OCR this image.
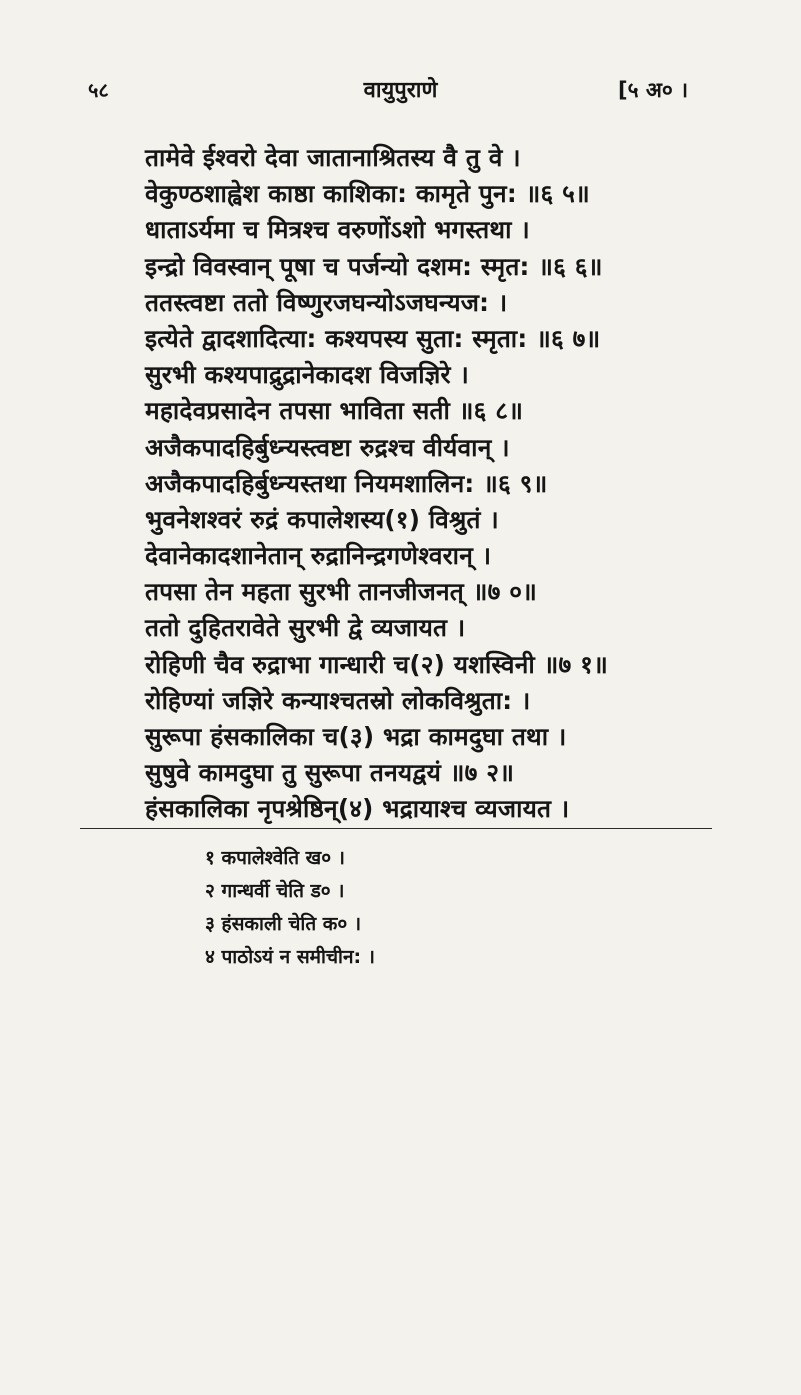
५८	वायुपुराणे	[५ अ० ।
तामेवे ईश्वरो देवा जातानाश्रितस्य वै तु वे ।
वेकुण्ठशाह्वेश काष्ठा काशिका: कामृते पुन: ॥६ ५॥
धाताऽर्यमा च मित्रश्च वरुणोंऽशो भगस्तथा ।
इन्द्रो विवस्वान् पूषा च पर्जन्यो दशम: स्मृत: ॥६ ६॥
ततस्त्वष्टा ततो विष्णुरजघन्योऽजघन्यज: ।
इत्येते द्वादशादित्या: कश्यपस्य सुता: स्मृता: ॥६ ७॥
सुरभी कश्यपाद्रुद्रानेकादश विजज्ञिरे ।
महादेवप्रसादेन तपसा भाविता सती ॥६ ८॥
अजैकपादहिर्बुध्न्यस्त्वष्टा रुद्रश्च वीर्यवान् ।
अजैकपादहिर्बुध्न्यस्तथा नियमशालिन: ॥६ ९॥
भुवनेशश्वरं रुद्रं कपालेशस्य(१) विश्रुतं ।
देवानेकादशानेतान् रुद्रानिन्द्रगणेश्वरान् ।
तपसा तेन महता सुरभी तानजीजनत् ॥७ ०॥
ततो दुहितरावेते सुरभी द्वे व्यजायत ।
रोहिणी चैव रुद्राभा गान्धारी च(२) यशस्विनी ॥७ १॥
रोहिण्यां जज्ञिरे कन्याश्चतस्रो लोकविश्रुता: ।
सुरूपा हंसकालिका च(३) भद्रा कामदुघा तथा ।
सुषुवे कामदुघा तु सुरूपा तनयद्वयं ॥७ २॥
हंसकालिका नृपश्रेष्ठिन्(४) भद्रायाश्च व्यजायत ।
१ कपालेश्वेति ख० ।
२ गान्धर्वी चेति ड० ।
३ हंसकाली चेति क० ।
४ पाठोऽयं न समीचीन: ।
